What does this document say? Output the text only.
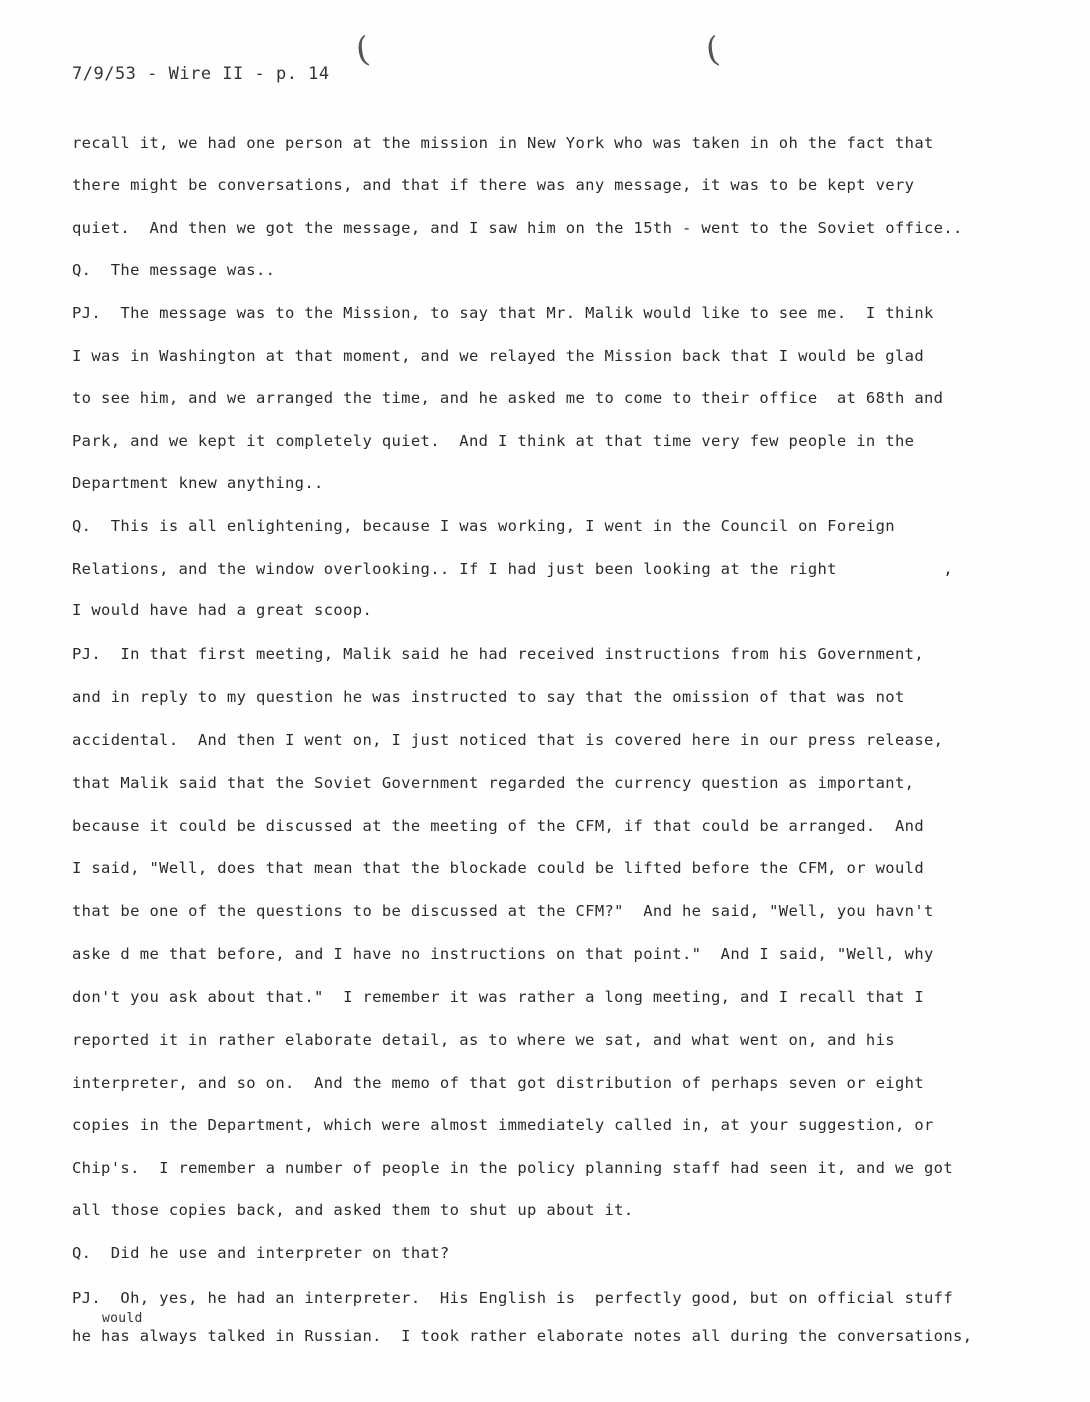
(	(
7/9/53 - Wire II - p. 14
recall it, we had one person at the mission in New York who was taken in oh the fact that
there might be conversations, and that if there was any message, it was to be kept very
quiet.  And then we got the message, and I saw him on the 15th - went to the Soviet office..
Q.  The message was..
PJ.  The message was to the Mission, to say that Mr. Malik would like to see me.  I think
I was in Washington at that moment, and we relayed the Mission back that I would be glad
to see him, and we arranged the time, and he asked me to come to their office  at 68th and
Park, and we kept it completely quiet.  And I think at that time very few people in the
Department knew anything..
Q.  This is all enlightening, because I was working, I went in the Council on Foreign
Relations, and the window overlooking.. If I had just been looking at the right           ,
I would have had a great scoop.
PJ.  In that first meeting, Malik said he had received instructions from his Government,
and in reply to my question he was instructed to say that the omission of that was not
accidental.  And then I went on, I just noticed that is covered here in our press release,
that Malik said that the Soviet Government regarded the currency question as important,
because it could be discussed at the meeting of the CFM, if that could be arranged.  And
I said, "Well, does that mean that the blockade could be lifted before the CFM, or would
that be one of the questions to be discussed at the CFM?"  And he said, "Well, you havn't
aske d me that before, and I have no instructions on that point."  And I said, "Well, why
don't you ask about that."  I remember it was rather a long meeting, and I recall that I
reported it in rather elaborate detail, as to where we sat, and what went on, and his
interpreter, and so on.  And the memo of that got distribution of perhaps seven or eight
copies in the Department, which were almost immediately called in, at your suggestion, or
Chip's.  I remember a number of people in the policy planning staff had seen it, and we got
all those copies back, and asked them to shut up about it.
Q.  Did he use and interpreter on that?
PJ.  Oh, yes, he had an interpreter.  His English is  perfectly good, but on official stuff
would
he has always talked in Russian.  I took rather elaborate notes all during the conversations,
